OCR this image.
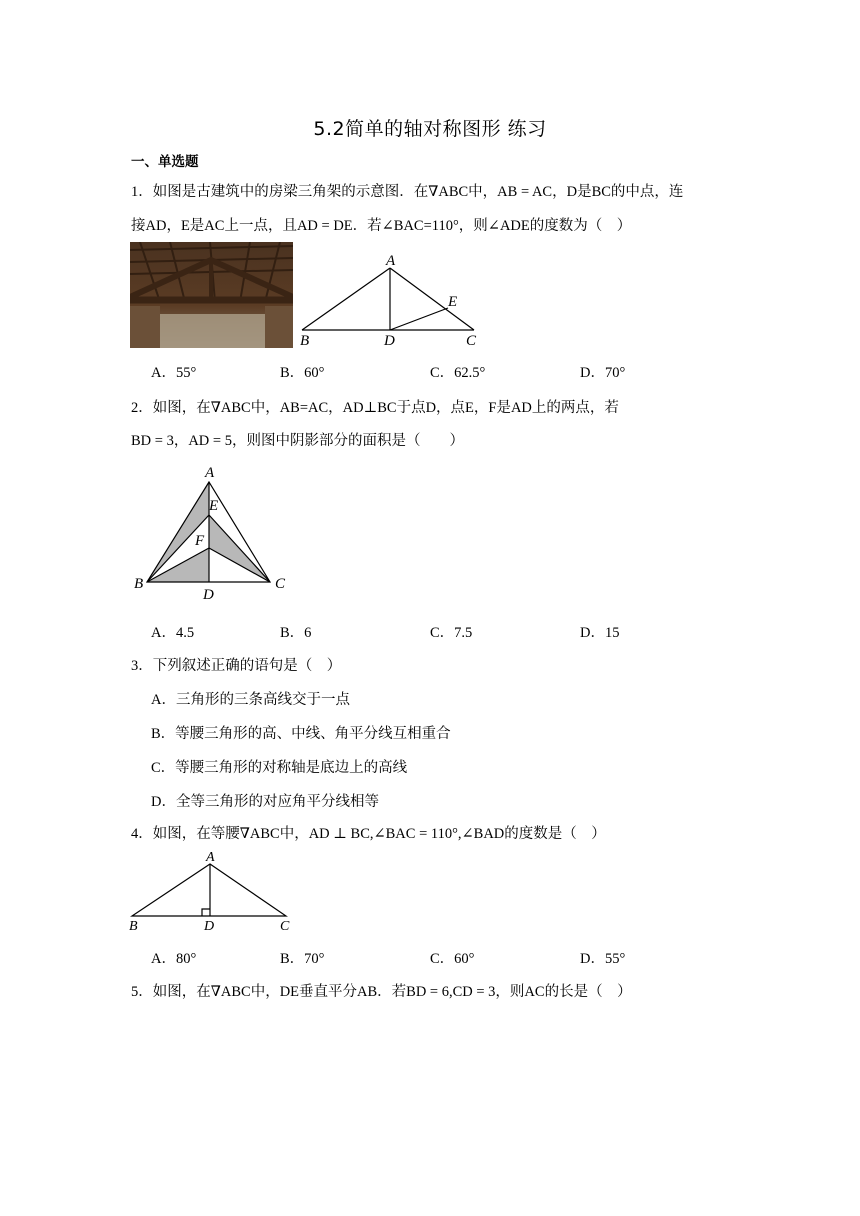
5.2简单的轴对称图形 练习
一、单选题
1．如图是古建筑中的房梁三角架的示意图．在∇ABC中，AB = AC，D是BC的中点，连
接AD，E是AC上一点，且AD = DE．若∠BAC=110°，则∠ADE的度数为（　）
A
B	C
D
E
A．55°	B．60°	C．62.5°	D．70°
2．如图，在∇ABC中，AB=AC，AD⊥BC于点D，点E，F是AD上的两点，若
BD = 3，AD = 5，则图中阴影部分的面积是（　　）
A
B	C
D
E
F
A．4.5	B．6	C．7.5	D．15
3．下列叙述正确的语句是（　）
A．三角形的三条高线交于一点
B．等腰三角形的高、中线、角平分线互相重合
C．等腰三角形的对称轴是底边上的高线
D．全等三角形的对应角平分线相等
4．如图，在等腰∇ABC中，AD ⊥ BC,∠BAC = 110°,∠BAD的度数是（　）
A
B	C
D
A．80°	B．70°	C．60°	D．55°
5．如图，在∇ABC中，DE垂直平分AB．若BD = 6,CD = 3，则AC的长是（　）
